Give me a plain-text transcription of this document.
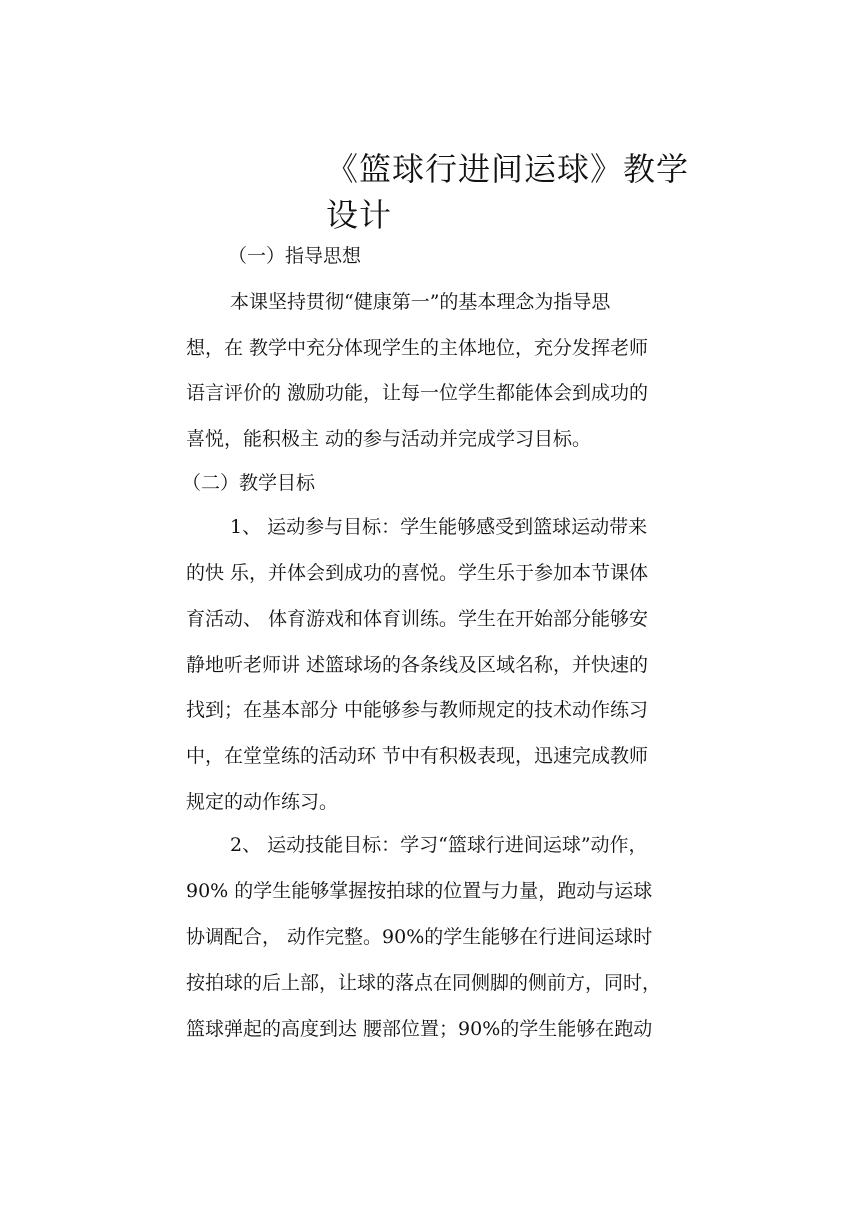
《篮球行进间运球》教学
设计
（一）指导思想
本课坚持贯彻“健康第一”的基本理念为指导思
想，在 教学中充分体现学生的主体地位，充分发挥老师
语言评价的 激励功能，让每一位学生都能体会到成功的
喜悦，能积极主 动的参与活动并完成学习目标。
（二）教学目标
1、 运动参与目标：学生能够感受到篮球运动带来
的快 乐，并体会到成功的喜悦。学生乐于参加本节课体
育活动、 体育游戏和体育训练。学生在开始部分能够安
静地听老师讲 述篮球场的各条线及区域名称，并快速的
找到；在基本部分 中能够参与教师规定的技术动作练习
中，在堂堂练的活动环 节中有积极表现，迅速完成教师
规定的动作练习。
2、 运动技能目标：学习“篮球行进间运球”动作，
90% 的学生能够掌握按拍球的位置与力量，跑动与运球
协调配合， 动作完整。90%的学生能够在行进间运球时
按拍球的后上部，让球的落点在同侧脚的侧前方，同时，
篮球弹起的高度到达 腰部位置；90%的学生能够在跑动
